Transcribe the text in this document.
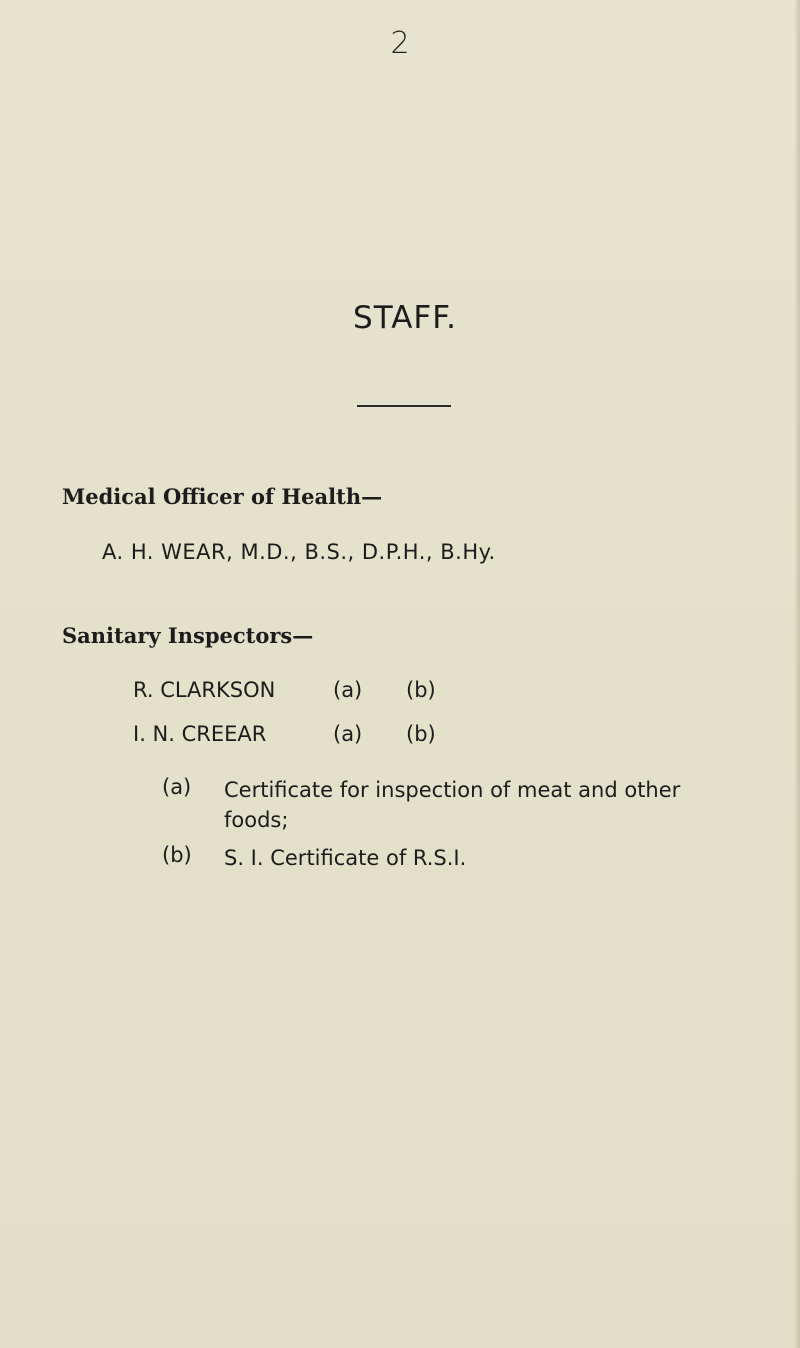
2
STAFF.
Medical Officer of Health—
A. H. WEAR, M.D., B.S., D.P.H., B.Hy.
Sanitary Inspectors—
R. CLARKSON	(a) (b)
I. N. CREEAR	(a) (b)
(a) Certificate for inspection of meat and other
foods;
(b) S. I. Certificate of R.S.I.
